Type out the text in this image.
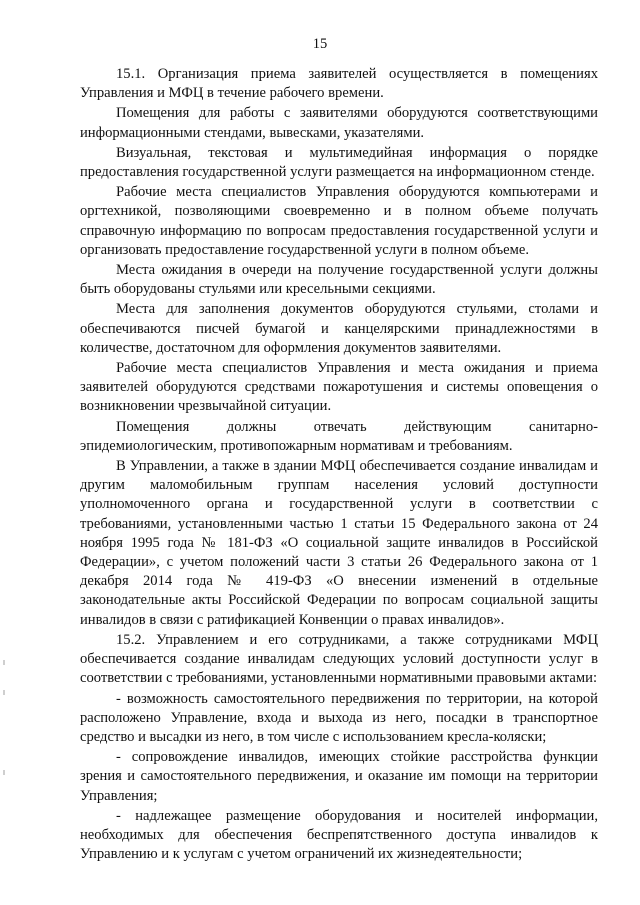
15

15.1. Организация приема заявителей осуществляется в помещениях Управления и МФЦ в течение рабочего времени.

Помещения для работы с заявителями оборудуются соответствующими информационными стендами, вывесками, указателями.

Визуальная, текстовая и мультимедийная информация о порядке предоставления государственной услуги размещается на информационном стенде.

Рабочие места специалистов Управления оборудуются компьютерами и оргтехникой, позволяющими своевременно и в полном объеме получать справочную информацию по вопросам предоставления государственной услуги и организовать предоставление государственной услуги в полном объеме.

Места ожидания в очереди на получение государственной услуги должны быть оборудованы стульями или кресельными секциями.

Места для заполнения документов оборудуются стульями, столами и обеспечиваются писчей бумагой и канцелярскими принадлежностями в количестве, достаточном для оформления документов заявителями.

Рабочие места специалистов Управления и места ожидания и приема заявителей оборудуются средствами пожаротушения и системы оповещения о возникновении чрезвычайной ситуации.

Помещения должны отвечать действующим санитарно-эпидемиологическим, противопожарным нормативам и требованиям.

В Управлении, а также в здании МФЦ обеспечивается создание инвалидам и другим маломобильным группам населения условий доступности уполномоченного органа и государственной услуги в соответствии с требованиями, установленными частью 1 статьи 15 Федерального закона от 24 ноября 1995 года № 181-ФЗ «О социальной защите инвалидов в Российской Федерации», с учетом положений части 3 статьи 26 Федерального закона от 1 декабря 2014 года № 419-ФЗ «О внесении изменений в отдельные законодательные акты Российской Федерации по вопросам социальной защиты инвалидов в связи с ратификацией Конвенции о правах инвалидов».

15.2. Управлением и его сотрудниками, а также сотрудниками МФЦ обеспечивается создание инвалидам следующих условий доступности услуг в соответствии с требованиями, установленными нормативными правовыми актами:

- возможность самостоятельного передвижения по территории, на которой расположено Управление, входа и выхода из него, посадки в транспортное средство и высадки из него, в том числе с использованием кресла-коляски;

- сопровождение инвалидов, имеющих стойкие расстройства функции зрения и самостоятельного передвижения, и оказание им помощи на территории Управления;

- надлежащее размещение оборудования и носителей информации, необходимых для обеспечения беспрепятственного доступа инвалидов к Управлению и к услугам с учетом ограничений их жизнедеятельности;
